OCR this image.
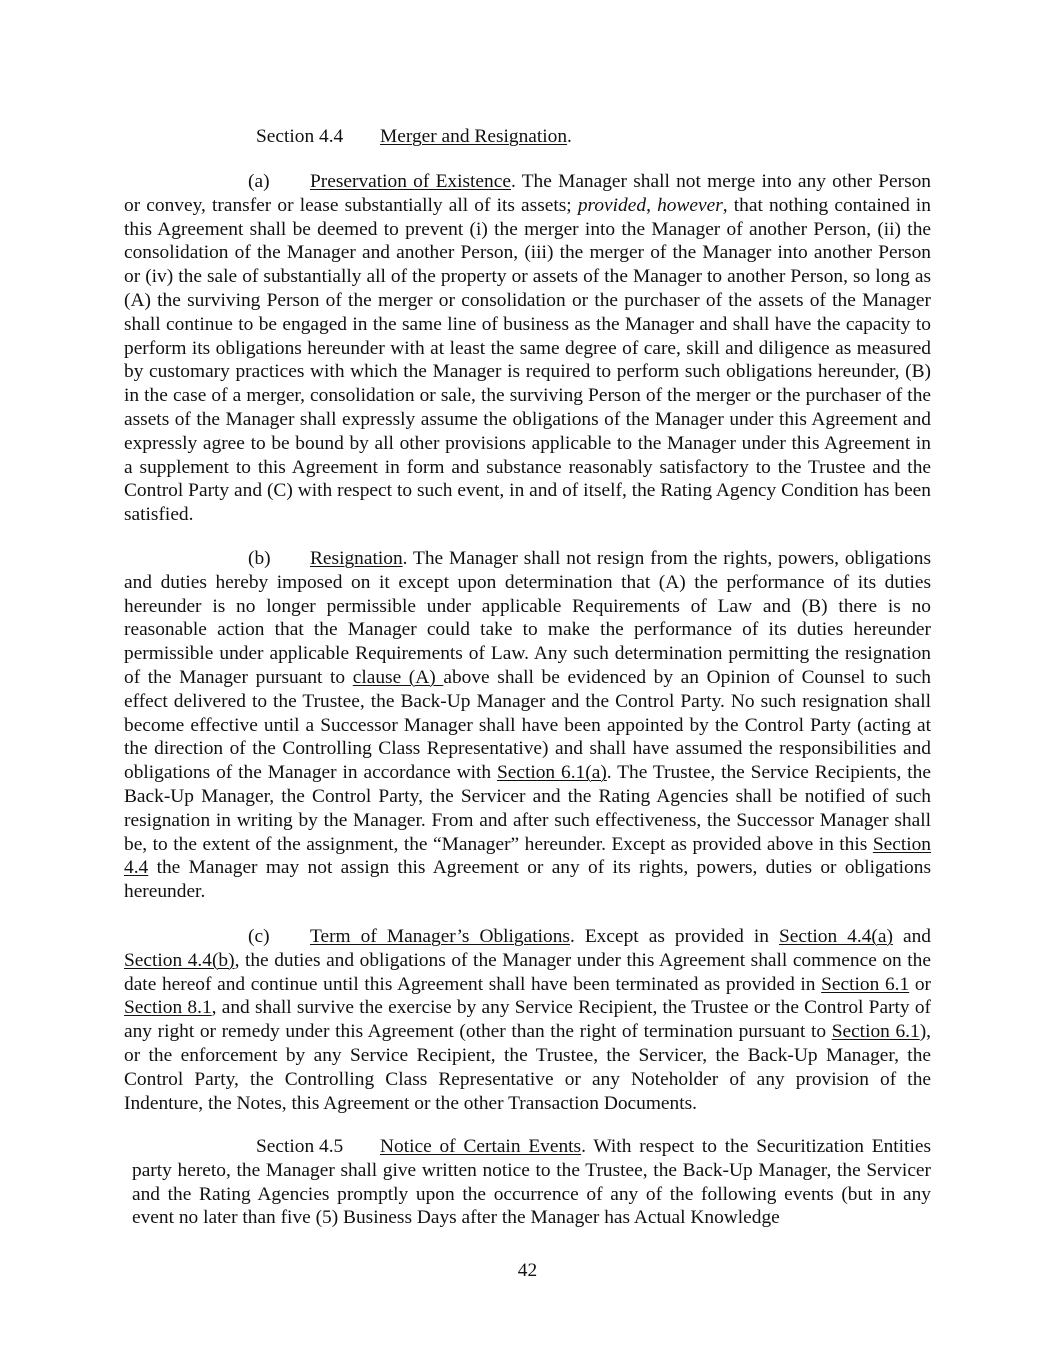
Section 4.4 Merger and Resignation.

(a) Preservation of Existence. The Manager shall not merge into any other Person or convey, transfer or lease substantially all of its assets; provided, however, that nothing contained in this Agreement shall be deemed to prevent (i) the merger into the Manager of another Person, (ii) the consolidation of the Manager and another Person, (iii) the merger of the Manager into another Person or (iv) the sale of substantially all of the property or assets of the Manager to another Person, so long as (A) the surviving Person of the merger or consolidation or the purchaser of the assets of the Manager shall continue to be engaged in the same line of business as the Manager and shall have the capacity to perform its obligations hereunder with at least the same degree of care, skill and diligence as measured by customary practices with which the Manager is required to perform such obligations hereunder, (B) in the case of a merger, consolidation or sale, the surviving Person of the merger or the purchaser of the assets of the Manager shall expressly assume the obligations of the Manager under this Agreement and expressly agree to be bound by all other provisions applicable to the Manager under this Agreement in a supplement to this Agreement in form and substance reasonably satisfactory to the Trustee and the Control Party and (C) with respect to such event, in and of itself, the Rating Agency Condition has been satisfied.

(b) Resignation. The Manager shall not resign from the rights, powers, obligations and duties hereby imposed on it except upon determination that (A) the performance of its duties hereunder is no longer permissible under applicable Requirements of Law and (B) there is no reasonable action that the Manager could take to make the performance of its duties hereunder permissible under applicable Requirements of Law. Any such determination permitting the resignation of the Manager pursuant to clause (A) above shall be evidenced by an Opinion of Counsel to such effect delivered to the Trustee, the Back-Up Manager and the Control Party. No such resignation shall become effective until a Successor Manager shall have been appointed by the Control Party (acting at the direction of the Controlling Class Representative) and shall have assumed the responsibilities and obligations of the Manager in accordance with Section 6.1(a). The Trustee, the Service Recipients, the Back-Up Manager, the Control Party, the Servicer and the Rating Agencies shall be notified of such resignation in writing by the Manager. From and after such effectiveness, the Successor Manager shall be, to the extent of the assignment, the “Manager” hereunder. Except as provided above in this Section 4.4 the Manager may not assign this Agreement or any of its rights, powers, duties or obligations hereunder.

(c) Term of Manager’s Obligations. Except as provided in Section 4.4(a) and Section 4.4(b), the duties and obligations of the Manager under this Agreement shall commence on the date hereof and continue until this Agreement shall have been terminated as provided in Section 6.1 or Section 8.1, and shall survive the exercise by any Service Recipient, the Trustee or the Control Party of any right or remedy under this Agreement (other than the right of termination pursuant to Section 6.1), or the enforcement by any Service Recipient, the Trustee, the Servicer, the Back-Up Manager, the Control Party, the Controlling Class Representative or any Noteholder of any provision of the Indenture, the Notes, this Agreement or the other Transaction Documents.

Section 4.5 Notice of Certain Events. With respect to the Securitization Entities party hereto, the Manager shall give written notice to the Trustee, the Back-Up Manager, the Servicer and the Rating Agencies promptly upon the occurrence of any of the following events (but in any event no later than five (5) Business Days after the Manager has Actual Knowledge

42
